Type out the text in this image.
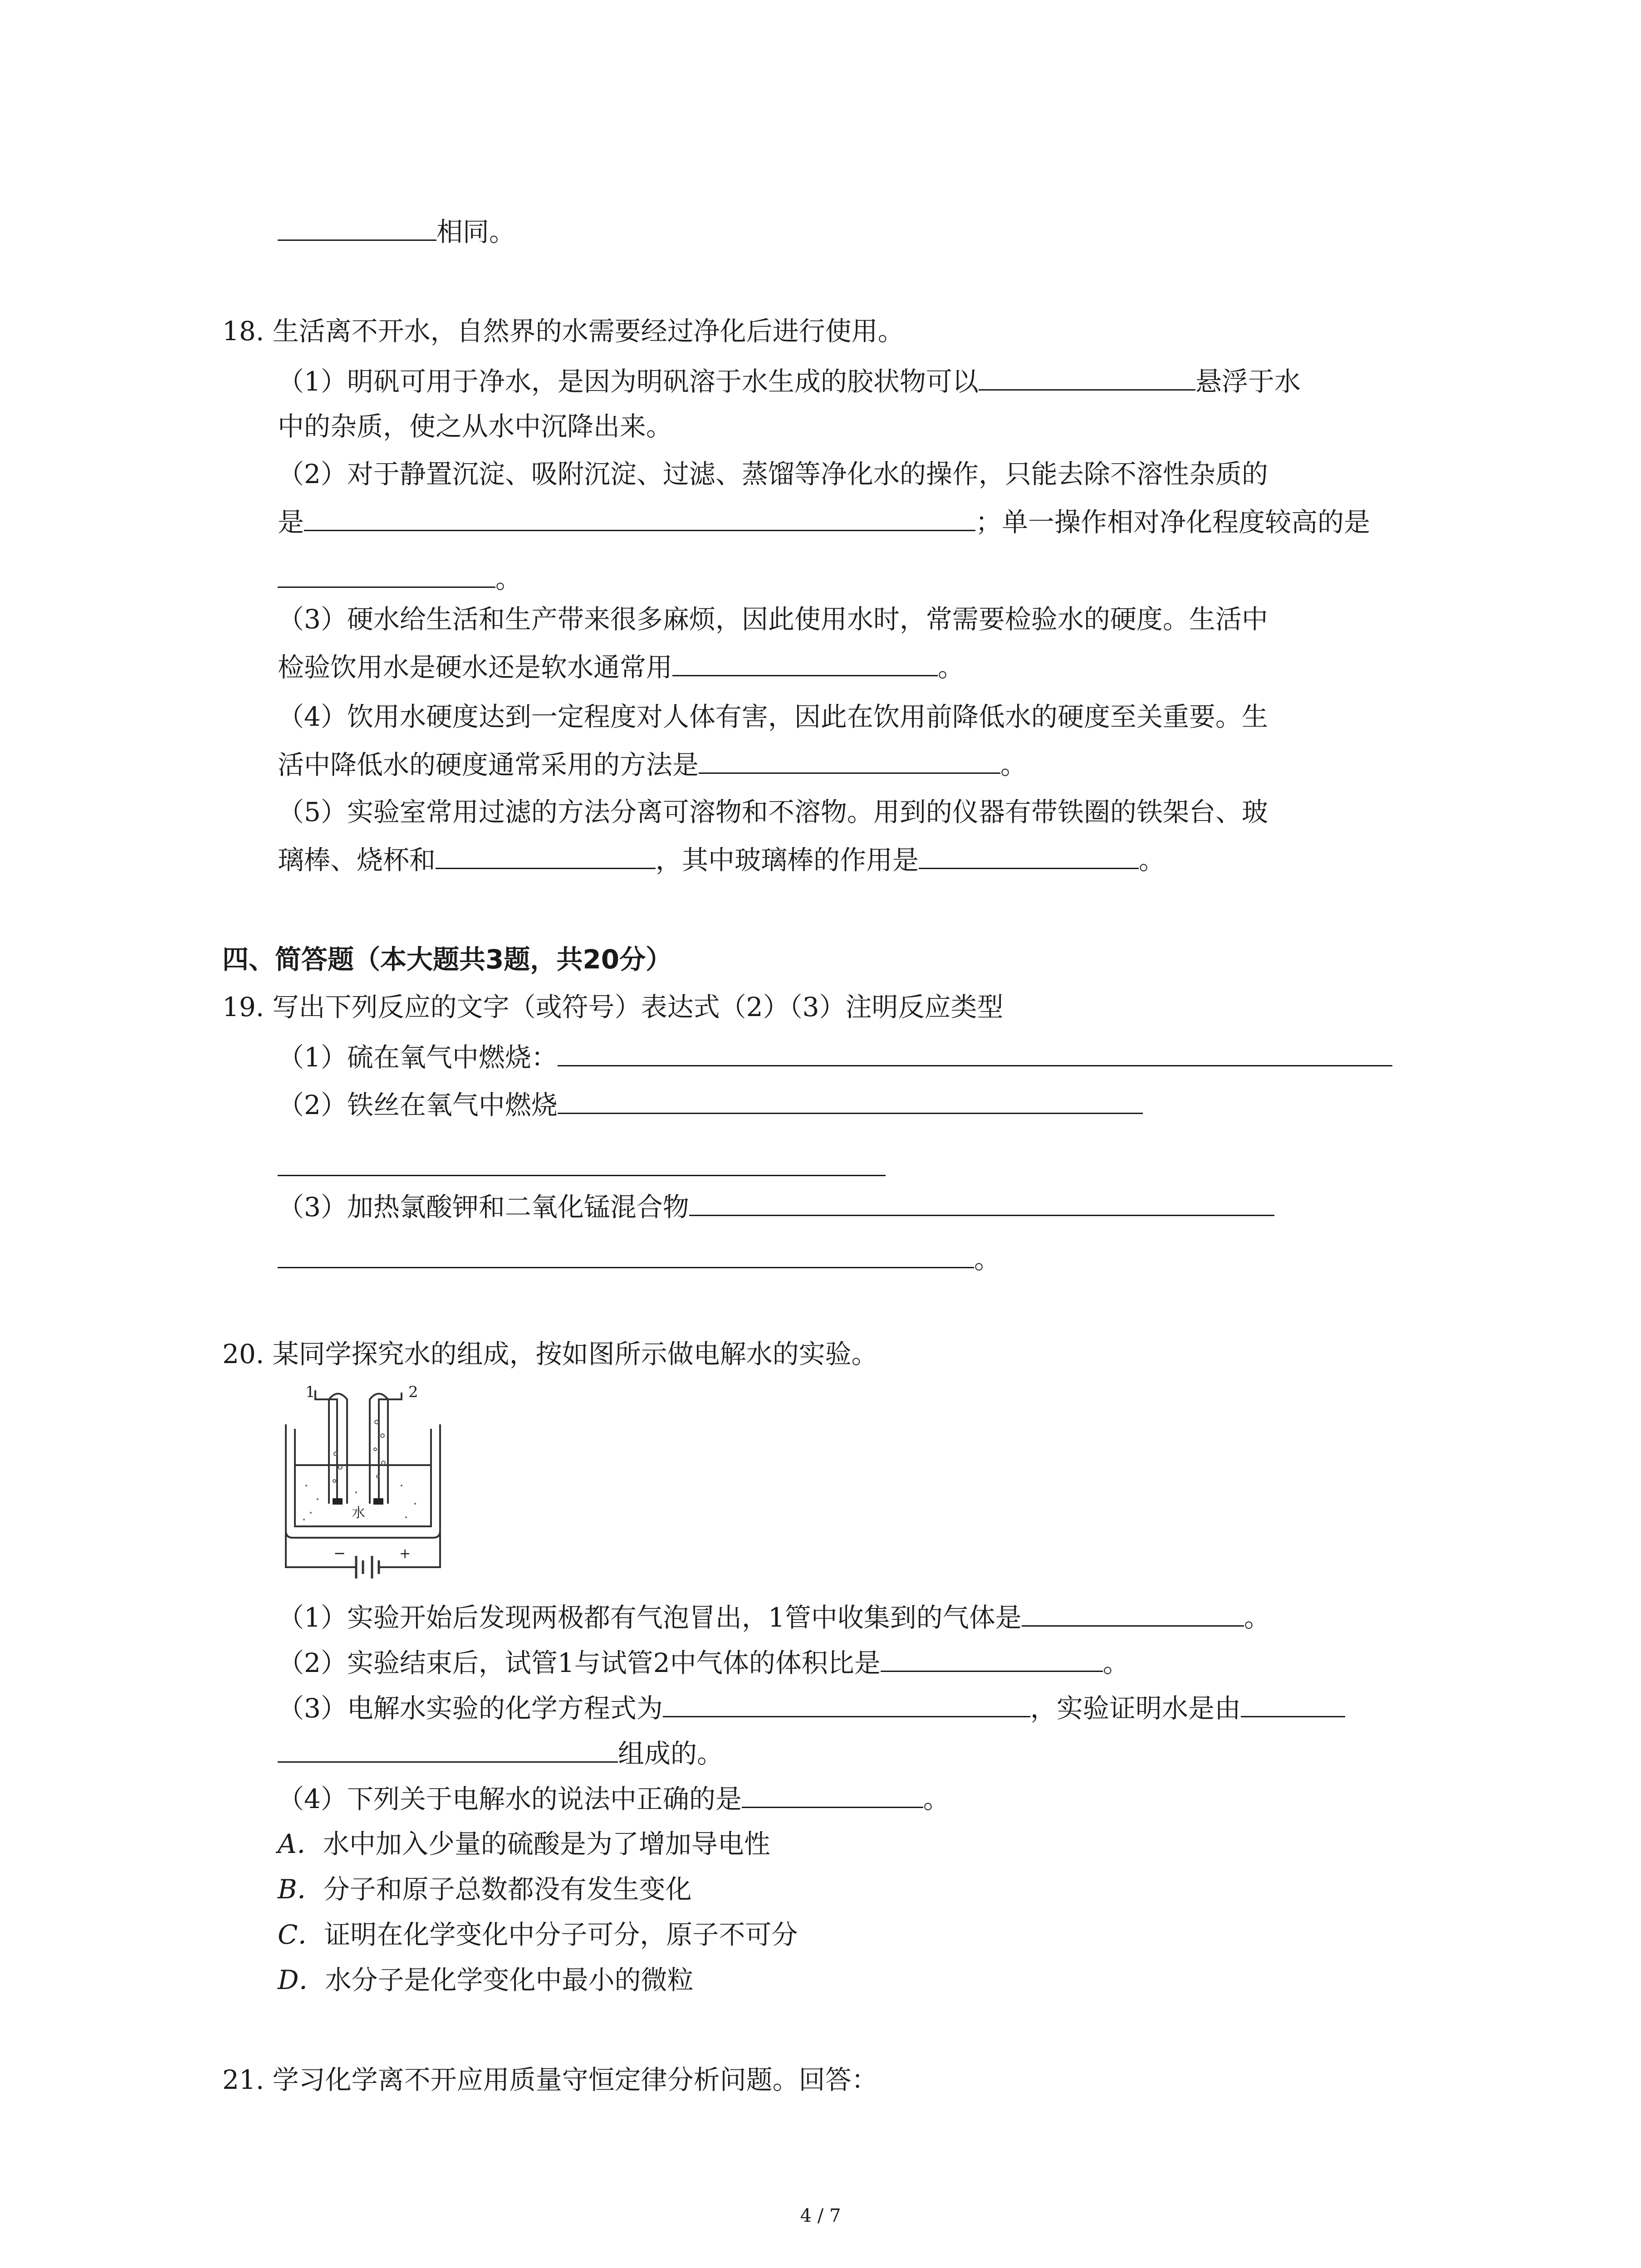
相同。
18. 生活离不开水，自然界的水需要经过净化后进行使用。
（1）明矾可用于净水，是因为明矾溶于水生成的胶状物可以	悬浮于水
中的杂质，使之从水中沉降出来。
（2）对于静置沉淀、吸附沉淀、过滤、蒸馏等净化水的操作，只能去除不溶性杂质的
是	；单一操作相对净化程度较高的是
。
（3）硬水给生活和生产带来很多麻烦，因此使用水时，常需要检验水的硬度。生活中
检验饮用水是硬水还是软水通常用	。
（4）饮用水硬度达到一定程度对人体有害，因此在饮用前降低水的硬度至关重要。生
活中降低水的硬度通常采用的方法是	。
（5）实验室常用过滤的方法分离可溶物和不溶物。用到的仪器有带铁圈的铁架台、玻
璃棒、烧杯和	，其中玻璃棒的作用是	。
四、简答题（本大题共3题，共20分）
19. 写出下列反应的文字（或符号）表达式（2）（3）注明反应类型
（1）硫在氧气中燃烧：
（2）铁丝在氧气中燃烧
（3）加热氯酸钾和二氧化锰混合物
。
20. 某同学探究水的组成，按如图所示做电解水的实验。
1	2
水
−	+
（1）实验开始后发现两极都有气泡冒出，1管中收集到的气体是	。
（2）实验结束后，试管1与试管2中气体的体积比是	。
（3）电解水实验的化学方程式为	，实验证明水是由
组成的。
（4）下列关于电解水的说法中正确的是	。
A．水中加入少量的硫酸是为了增加导电性
B．分子和原子总数都没有发生变化
C．证明在化学变化中分子可分，原子不可分
D．水分子是化学变化中最小的微粒
21. 学习化学离不开应用质量守恒定律分析问题。回答：
4 / 7
